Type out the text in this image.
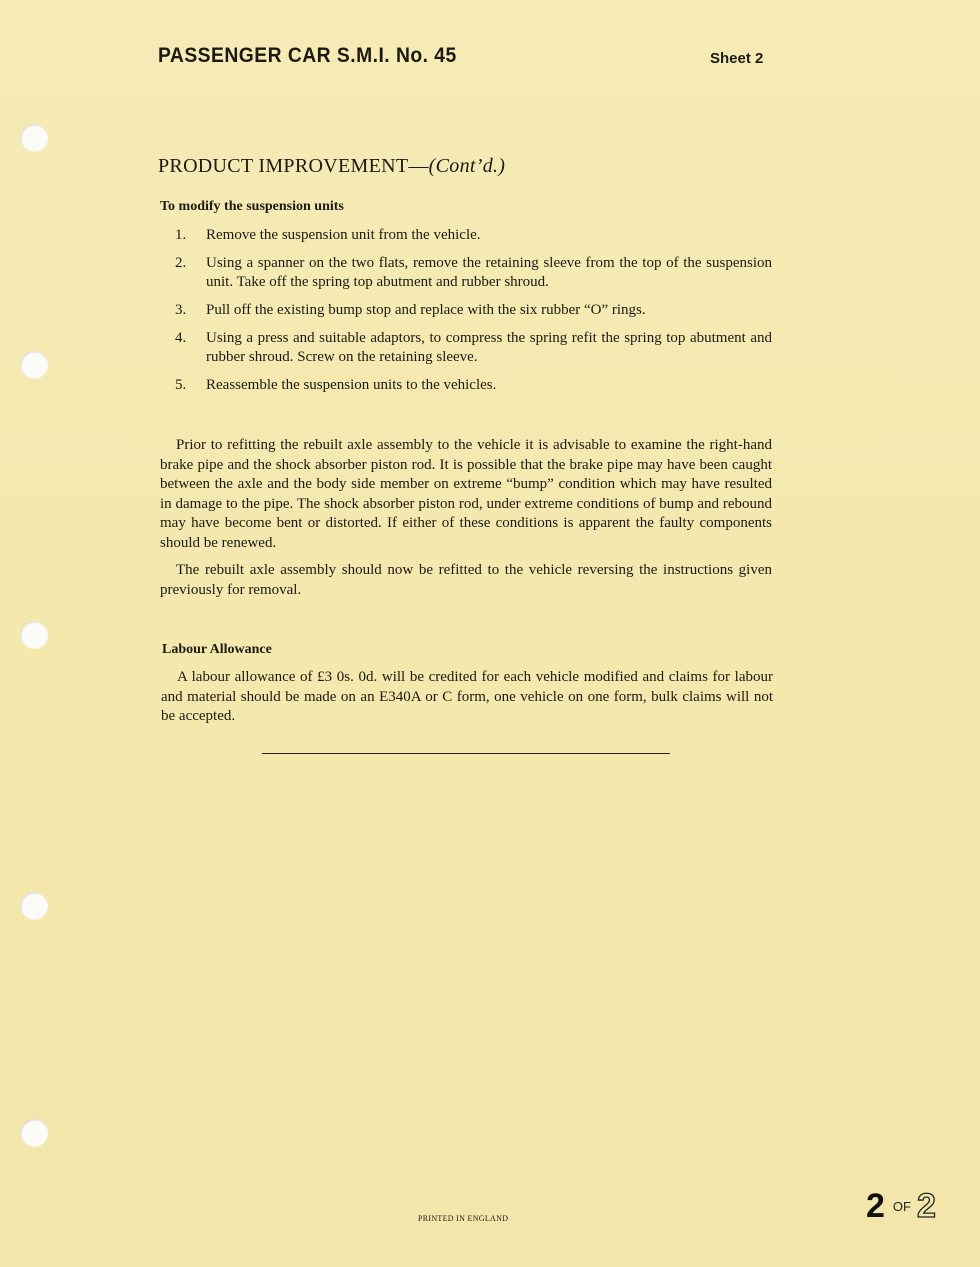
PASSENGER CAR S.M.I. No. 45	Sheet 2
PRODUCT IMPROVEMENT—(Cont’d.)
To modify the suspension units
1.	Remove the suspension unit from the vehicle.
2.	Using a spanner on the two flats, remove the retaining sleeve from the top of the suspension unit. Take off the spring top abutment and rubber shroud.
3.	Pull off the existing bump stop and replace with the six rubber “O” rings.
4.	Using a press and suitable adaptors, to compress the spring refit the spring top abutment and rubber shroud. Screw on the retaining sleeve.
5.	Reassemble the suspension units to the vehicles.
Prior to refitting the rebuilt axle assembly to the vehicle it is advisable to examine the right-hand brake pipe and the shock absorber piston rod. It is possible that the brake pipe may have been caught between the axle and the body side member on extreme “bump” condition which may have resulted in damage to the pipe. The shock absorber piston rod, under extreme conditions of bump and rebound may have become bent or distorted. If either of these conditions is apparent the faulty components should be renewed.
The rebuilt axle assembly should now be refitted to the vehicle reversing the instructions given previously for removal.
Labour Allowance
A labour allowance of £3 0s. 0d. will be credited for each vehicle modified and claims for labour and material should be made on an E340A or C form, one vehicle on one form, bulk claims will not be accepted.
PRINTED IN ENGLAND	2 OF 2
